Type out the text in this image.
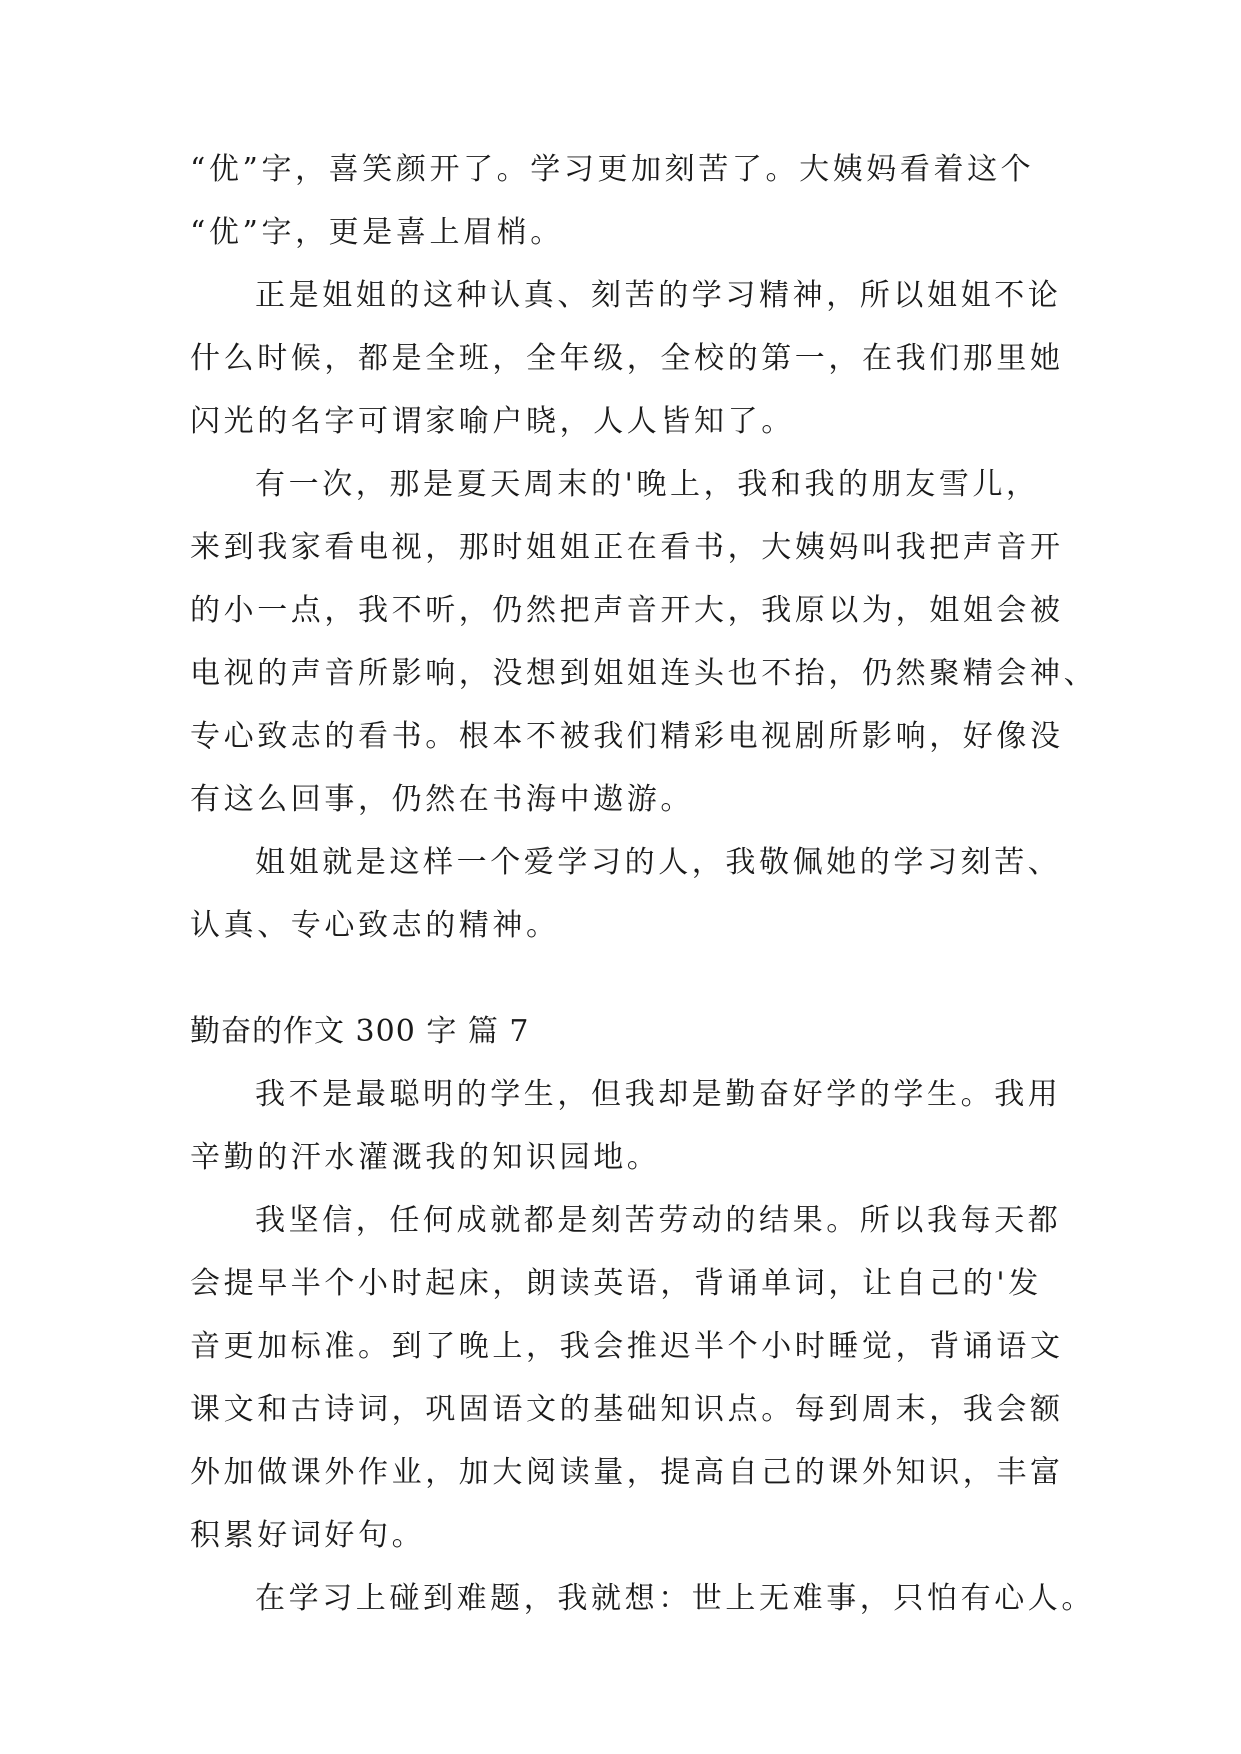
“优”字，喜笑颜开了。学习更加刻苦了。大姨妈看着这个
“优”字，更是喜上眉梢。
正是姐姐的这种认真、刻苦的学习精神，所以姐姐不论
什么时候，都是全班，全年级，全校的第一，在我们那里她
闪光的名字可谓家喻户晓，人人皆知了。
有一次，那是夏天周末的'晚上，我和我的朋友雪儿，
来到我家看电视，那时姐姐正在看书，大姨妈叫我把声音开
的小一点，我不听，仍然把声音开大，我原以为，姐姐会被
电视的声音所影响，没想到姐姐连头也不抬，仍然聚精会神、
专心致志的看书。根本不被我们精彩电视剧所影响，好像没
有这么回事，仍然在书海中遨游。
姐姐就是这样一个爱学习的人，我敬佩她的学习刻苦、
认真、专心致志的精神。
勤奋的作文 300 字 篇 7
我不是最聪明的学生，但我却是勤奋好学的学生。我用
辛勤的汗水灌溉我的知识园地。
我坚信，任何成就都是刻苦劳动的结果。所以我每天都
会提早半个小时起床，朗读英语，背诵单词，让自己的'发
音更加标准。到了晚上，我会推迟半个小时睡觉，背诵语文
课文和古诗词，巩固语文的基础知识点。每到周末，我会额
外加做课外作业，加大阅读量，提高自己的课外知识，丰富
积累好词好句。
在学习上碰到难题，我就想：世上无难事，只怕有心人。
